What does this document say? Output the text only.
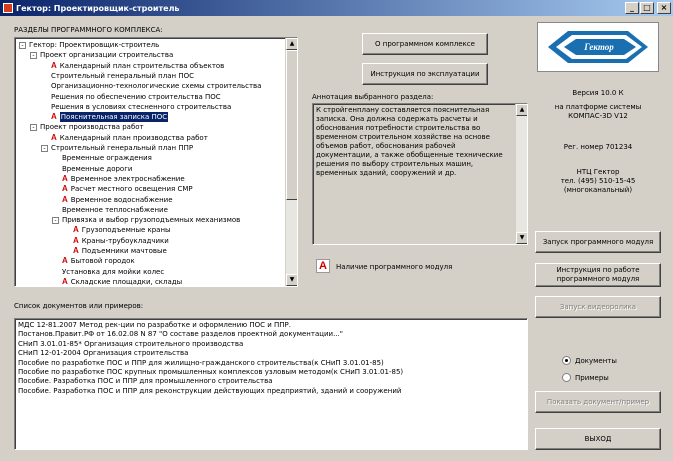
Гектор: Проектировщик-строитель	_	□	×
РАЗДЕЛЫ ПРОГРАММНОГО КОМПЛЕКСА:
- Гектор: Проектировщик-строитель
- Проект организации строительства
A Календарный план строительства объектов
Строительный генеральный план ПОС
Организационно-технологические схемы строительства
Решения по обеспечению строительства ПОС
Решения в условиях стесненного строительства
A Пояснительная записка ПОС
- Проект производства работ
A Календарный план производства работ
- Строительный генеральный план ППР
Временные ограждения
Временные дороги
A Временное электроснабжение
A Расчет местного освещения СМР
A Временное водоснабжение
Временное теплоснабжение
- Привязка и выбор грузоподъемных механизмов
A Грузоподъемные краны
A Краны-трубоукладчики
A Подъемники мачтовые
A Бытовой городок
Установка для мойки колес
A Складские площадки, склады
▲
▼
О программном комплексе
Инструкция по эксплуатации
Аннотация выбранного раздела:
К стройгенплану составляется пояснительная записка. Она должна содержать расчеты и обоснования потребности строительства во временном строительном хозяйстве на основе объемов работ, обоснования рабочей документации, а также обобщенные технические решения по выбору строительных машин, временных зданий, сооружений и др.
▲
▼
A	Наличие программного модуля
Гектор
Версия 10.0 К
на платформе системы
КОМПАС-3D V12
Рег. номер 701234
НТЦ Гектор
тел. (495) 510-15-45
(многоканальный)
Запуск программного модуля
Инструкция по работе программного модуля
Запуск видеоролика
Список документов или примеров:
МДС 12-81.2007 Метод рек-ции по разработке и оформлению ПОС и ППР.
Постанов.Правит.РФ от 16.02.08 N 87 "О составе разделов проектной документации..."
СНиП 3.01.01-85* Организация строительного производства
СНиП 12-01-2004 Организация строительства
Пособие по разработке ПОС и ППР для жилищно-гражданского строительства(к СНиП 3.01.01-85)
Пособие по разработке ПОС крупных промышленных комплексов узловым методом(к СНиП 3.01.01-85)
Пособие. Разработка ПОС и ППР для промышленного строительства
Пособие. Разработка ПОС и ППР для реконструкции действующих предприятий, зданий и сооружений
Документы
Примеры
Показать документ/пример
ВЫХОД
